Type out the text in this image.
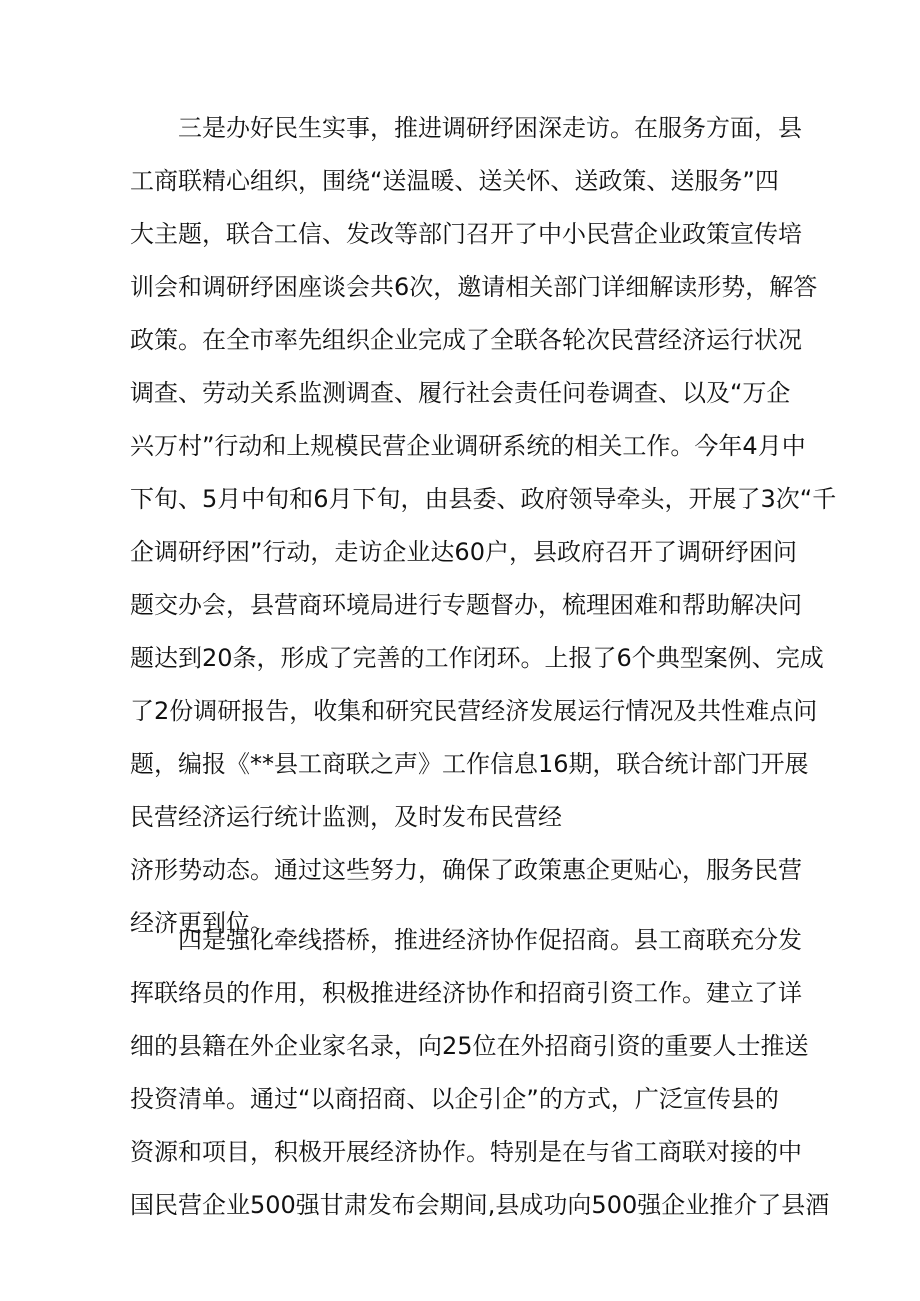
三是办好民生实事，推进调研纾困深走访。在服务方面，县
工商联精心组织，围绕“送温暖、送关怀、送政策、送服务”四
大主题，联合工信、发改等部门召开了中小民营企业政策宣传培
训会和调研纾困座谈会共6次，邀请相关部门详细解读形势，解答
政策。在全市率先组织企业完成了全联各轮次民营经济运行状况
调查、劳动关系监测调查、履行社会责任问卷调查、以及“万企
兴万村”行动和上规模民营企业调研系统的相关工作。今年4月中
下旬、5月中旬和6月下旬，由县委、政府领导牵头，开展了3次“千
企调研纾困”行动，走访企业达60户，县政府召开了调研纾困问
题交办会，县营商环境局进行专题督办，梳理困难和帮助解决问
题达到20条，形成了完善的工作闭环。上报了6个典型案例、完成
了2份调研报告，收集和研究民营经济发展运行情况及共性难点问
题，编报《**县工商联之声》工作信息16期，联合统计部门开展
民营经济运行统计监测，及时发布民营经
济形势动态。通过这些努力，确保了政策惠企更贴心，服务民营
经济更到位。
四是强化牵线搭桥，推进经济协作促招商。县工商联充分发
挥联络员的作用，积极推进经济协作和招商引资工作。建立了详
细的县籍在外企业家名录，向25位在外招商引资的重要人士推送
投资清单。通过“以商招商、以企引企”的方式，广泛宣传县的
资源和项目，积极开展经济协作。特别是在与省工商联对接的中
国民营企业500强甘肃发布会期间,县成功向500强企业推介了县酒
